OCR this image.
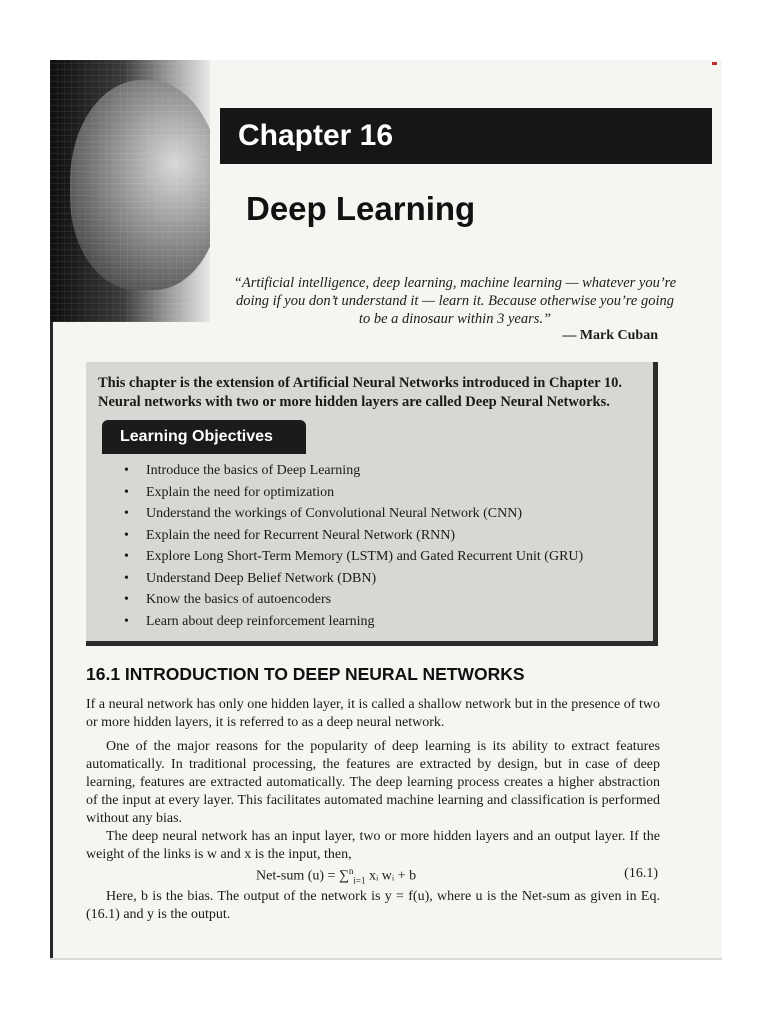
Chapter 16
Deep Learning
“Artificial intelligence, deep learning, machine learning — whatever you’re doing if you don’t understand it — learn it. Because otherwise you’re going to be a dinosaur within 3 years.”
— Mark Cuban
This chapter is the extension of Artificial Neural Networks introduced in Chapter 10. Neural networks with two or more hidden layers are called Deep Neural Networks.
Learning Objectives
• Introduce the basics of Deep Learning
• Explain the need for optimization
• Understand the workings of Convolutional Neural Network (CNN)
• Explain the need for Recurrent Neural Network (RNN)
• Explore Long Short-Term Memory (LSTM) and Gated Recurrent Unit (GRU)
• Understand Deep Belief Network (DBN)
• Know the basics of autoencoders
• Learn about deep reinforcement learning
16.1 INTRODUCTION TO DEEP NEURAL NETWORKS
If a neural network has only one hidden layer, it is called a shallow network but in the presence of two or more hidden layers, it is referred to as a deep neural network.
One of the major reasons for the popularity of deep learning is its ability to extract features automatically. In traditional processing, the features are extracted by design, but in case of deep learning, features are extracted automatically. The deep learning process creates a higher abstraction of the input at every layer. This facilitates automated machine learning and classification is performed without any bias.
The deep neural network has an input layer, two or more hidden layers and an output layer. If the weight of the links is w and x is the input, then,
Net-sum (u) = ∑$^n_{i=1}$ xᵢ wᵢ + b	(16.1)
Here, b is the bias. The output of the network is y = f(u), where u is the Net-sum as given in Eq. (16.1) and y is the output.
